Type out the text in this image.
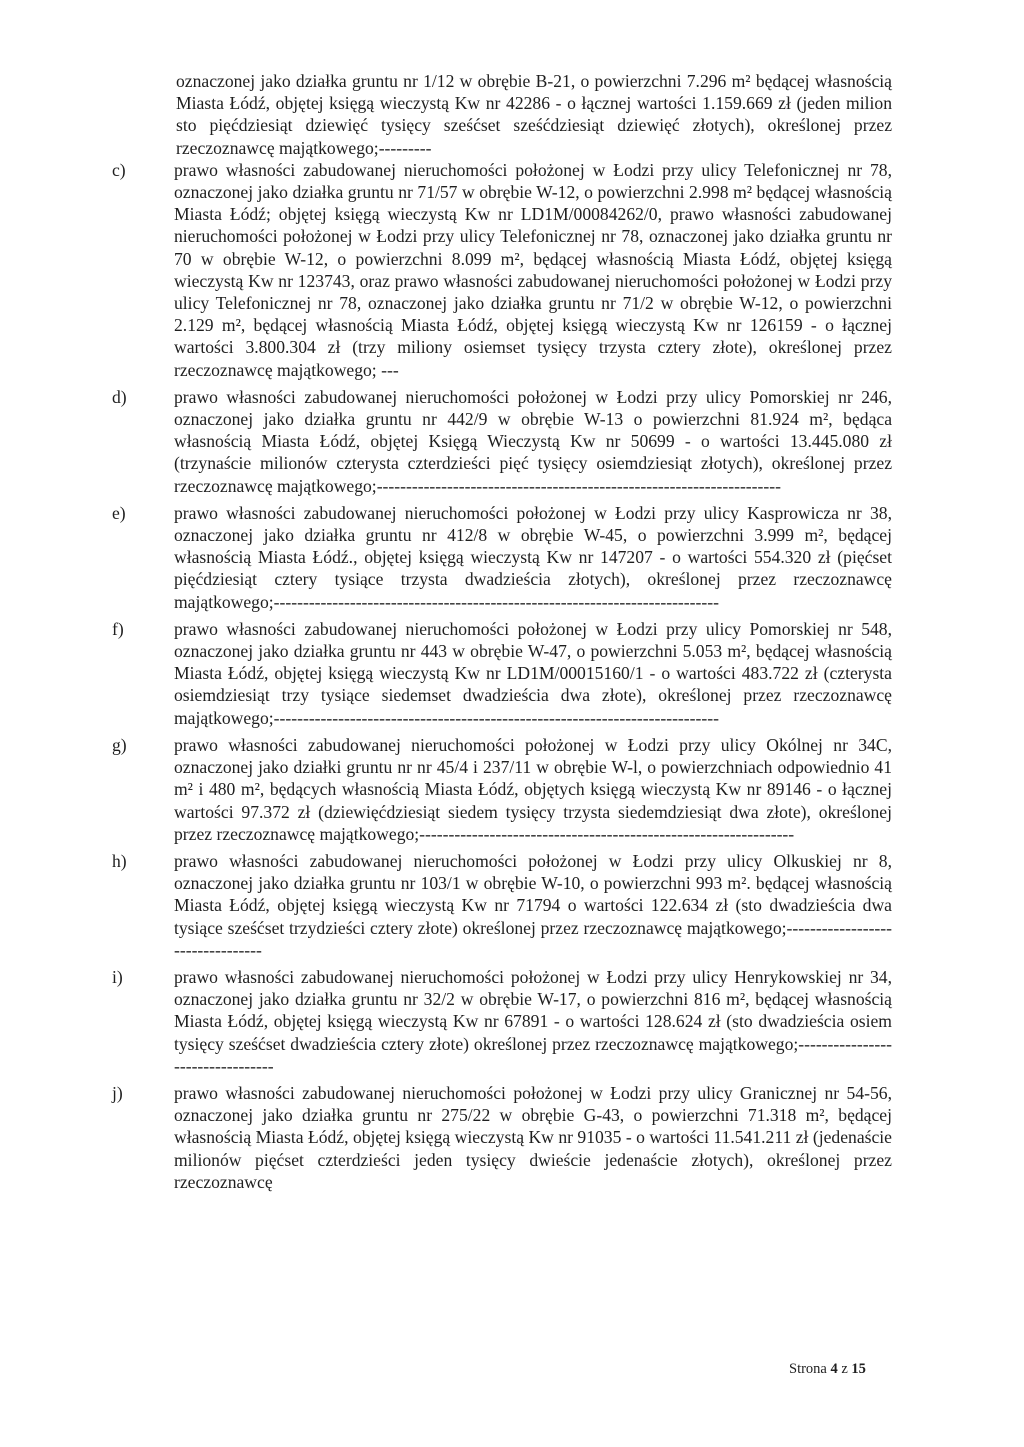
oznaczonej jako działka gruntu nr 1/12 w obrębie B-21, o powierzchni 7.296 m² będącej własnością Miasta Łódź, objętej księgą wieczystą Kw nr 42286 - o łącznej wartości 1.159.669 zł (jeden milion sto pięćdziesiąt dziewięć tysięcy sześćset sześćdziesiąt dziewięć złotych), określonej przez rzeczoznawcę majątkowego;---------

c)	prawo własności zabudowanej nieruchomości położonej w Łodzi przy ulicy Telefonicznej nr 78, oznaczonej jako działka gruntu nr 71/57 w obrębie W-12, o powierzchni 2.998 m² będącej własnością Miasta Łódź; objętej księgą wieczystą Kw nr LD1M/00084262/0, prawo własności zabudowanej nieruchomości położonej w Łodzi przy ulicy Telefonicznej nr 78, oznaczonej jako działka gruntu nr 70 w obrębie W-12, o powierzchni 8.099 m², będącej własnością Miasta Łódź, objętej księgą wieczystą Kw nr 123743, oraz prawo własności zabudowanej nieruchomości położonej w Łodzi przy ulicy Telefonicznej nr 78, oznaczonej jako działka gruntu nr 71/2 w obrębie W-12, o powierzchni 2.129 m², będącej własnością Miasta Łódź, objętej księgą wieczystą Kw nr 126159 - o łącznej wartości 3.800.304 zł (trzy miliony osiemset tysięcy trzysta cztery złote), określonej przez rzeczoznawcę majątkowego; ---
d)	prawo własności zabudowanej nieruchomości położonej w Łodzi przy ulicy Pomorskiej nr 246, oznaczonej jako działka gruntu nr 442/9 w obrębie W-13 o powierzchni 81.924 m², będąca własnością Miasta Łódź, objętej Księgą Wieczystą Kw nr 50699 - o wartości 13.445.080 zł (trzynaście milionów czterysta czterdzieści pięć tysięcy osiemdziesiąt złotych), określonej przez rzeczoznawcę majątkowego;---------------------------------------------------------------------
e)	prawo własności zabudowanej nieruchomości położonej w Łodzi przy ulicy Kasprowicza nr 38, oznaczonej jako działka gruntu nr 412/8 w obrębie W-45, o powierzchni 3.999 m², będącej własnością Miasta Łódź., objętej księgą wieczystą Kw nr 147207 - o wartości 554.320 zł (pięćset pięćdziesiąt cztery tysiące trzysta dwadzieścia złotych), określonej przez rzeczoznawcę majątkowego;----------------------------------------------------------------------------
f)	prawo własności zabudowanej nieruchomości położonej w Łodzi przy ulicy Pomorskiej nr 548, oznaczonej jako działka gruntu nr 443 w obrębie W-47, o powierzchni 5.053 m², będącej własnością Miasta Łódź, objętej księgą wieczystą Kw nr LD1M/00015160/1 - o wartości 483.722 zł (czterysta osiemdziesiąt trzy tysiące siedemset dwadzieścia dwa złote), określonej przez rzeczoznawcę majątkowego;----------------------------------------------------------------------------
g)	prawo własności zabudowanej nieruchomości położonej w Łodzi przy ulicy Okólnej nr 34C, oznaczonej jako działki gruntu nr nr 45/4 i 237/11 w obrębie W-l, o powierzchniach odpowiednio 41 m² i 480 m², będących własnością Miasta Łódź, objętych księgą wieczystą Kw nr 89146 - o łącznej wartości 97.372 zł (dziewięćdziesiąt siedem tysięcy trzysta siedemdziesiąt dwa złote), określonej przez rzeczoznawcę majątkowego;----------------------------------------------------------------
h)	prawo własności zabudowanej nieruchomości położonej w Łodzi przy ulicy Olkuskiej nr 8, oznaczonej jako działka gruntu nr 103/1 w obrębie W-10, o powierzchni 993 m². będącej własnością Miasta Łódź, objętej księgą wieczystą Kw nr 71794 o wartości 122.634 zł (sto dwadzieścia dwa tysiące sześćset trzydzieści cztery złote) określonej przez rzeczoznawcę majątkowego;---------------------------------
i)	prawo własności zabudowanej nieruchomości położonej w Łodzi przy ulicy Henrykowskiej nr 34, oznaczonej jako działka gruntu nr 32/2 w obrębie W-17, o powierzchni 816 m², będącej własnością Miasta Łódź, objętej księgą wieczystą Kw nr 67891 - o wartości 128.624 zł (sto dwadzieścia osiem tysięcy sześćset dwadzieścia cztery złote) określonej przez rzeczoznawcę majątkowego;---------------------------------
j)	prawo własności zabudowanej nieruchomości położonej w Łodzi przy ulicy Granicznej nr 54-56, oznaczonej jako działka gruntu nr 275/22 w obrębie G-43, o powierzchni 71.318 m², będącej własnością Miasta Łódź, objętej księgą wieczystą Kw nr 91035 - o wartości 11.541.211 zł (jedenaście milionów pięćset czterdzieści jeden tysięcy dwieście jedenaście złotych), określonej przez rzeczoznawcę
Strona 4 z 15
